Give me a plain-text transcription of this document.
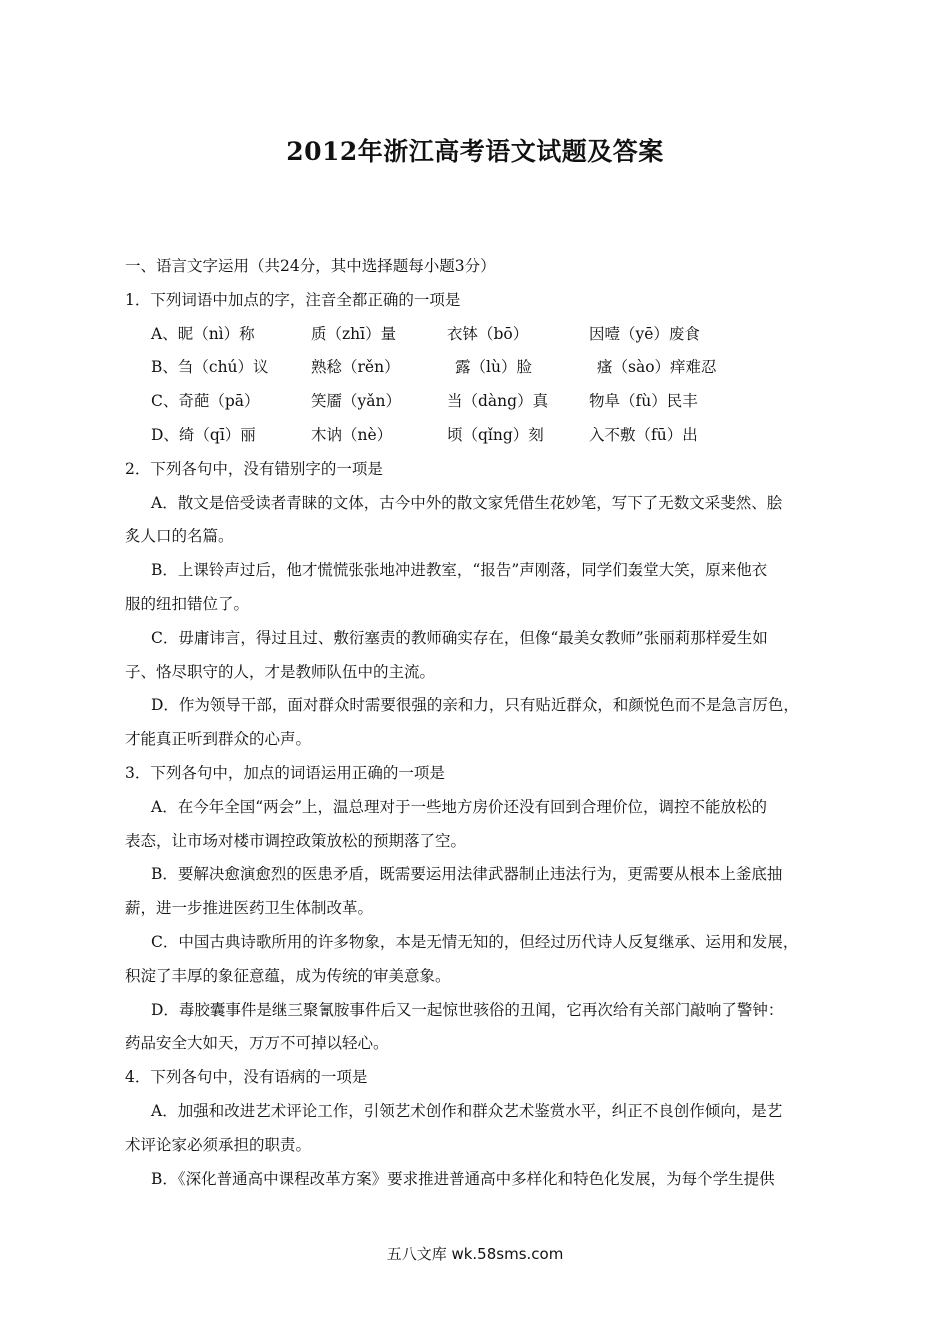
2012年浙江高考语文试题及答案
一、语言文字运用（共24分，其中选择题每小题3分）
1．下列词语中加点的字，注音全都正确的一项是
A、昵（nì）称	质（zhī）量	衣钵（bō）	因噎（yē）废食
B、刍（chú）议	熟稔（rěn）	露（lù）脸	瘙（sào）痒难忍
C、奇葩（pā）	笑靥（yǎn）	当（dàng）真	物阜（fù）民丰
D、绮（qī）丽	木讷（nè）	顷（qǐng）刻	入不敷（fū）出
2．下列各句中，没有错别字的一项是
A．散文是倍受读者青睐的文体，古今中外的散文家凭借生花妙笔，写下了无数文采斐然、脍
炙人口的名篇。
B．上课铃声过后，他才慌慌张张地冲进教室，“报告”声刚落，同学们轰堂大笑，原来他衣
服的纽扣错位了。
C．毋庸讳言，得过且过、敷衍塞责的教师确实存在，但像“最美女教师”张丽莉那样爱生如
子、恪尽职守的人，才是教师队伍中的主流。
D．作为领导干部，面对群众时需要很强的亲和力，只有贴近群众，和颜悦色而不是急言厉色，
才能真正听到群众的心声。
3．下列各句中，加点的词语运用正确的一项是
A．在今年全国“两会”上，温总理对于一些地方房价还没有回到合理价位，调控不能放松的
表态，让市场对楼市调控政策放松的预期落了空。
B．要解决愈演愈烈的医患矛盾，既需要运用法律武器制止违法行为，更需要从根本上釜底抽
薪，进一步推进医药卫生体制改革。
C．中国古典诗歌所用的许多物象，本是无情无知的，但经过历代诗人反复继承、运用和发展，
积淀了丰厚的象征意蕴，成为传统的审美意象。
D．毒胶囊事件是继三聚氰胺事件后又一起惊世骇俗的丑闻，它再次给有关部门敲响了警钟：
药品安全大如天，万万不可掉以轻心。
4．下列各句中，没有语病的一项是
A．加强和改进艺术评论工作，引领艺术创作和群众艺术鉴赏水平，纠正不良创作倾向，是艺
术评论家必须承担的职责。
B．《深化普通高中课程改革方案》要求推进普通高中多样化和特色化发展，为每个学生提供
五八文库 wk.58sms.com
